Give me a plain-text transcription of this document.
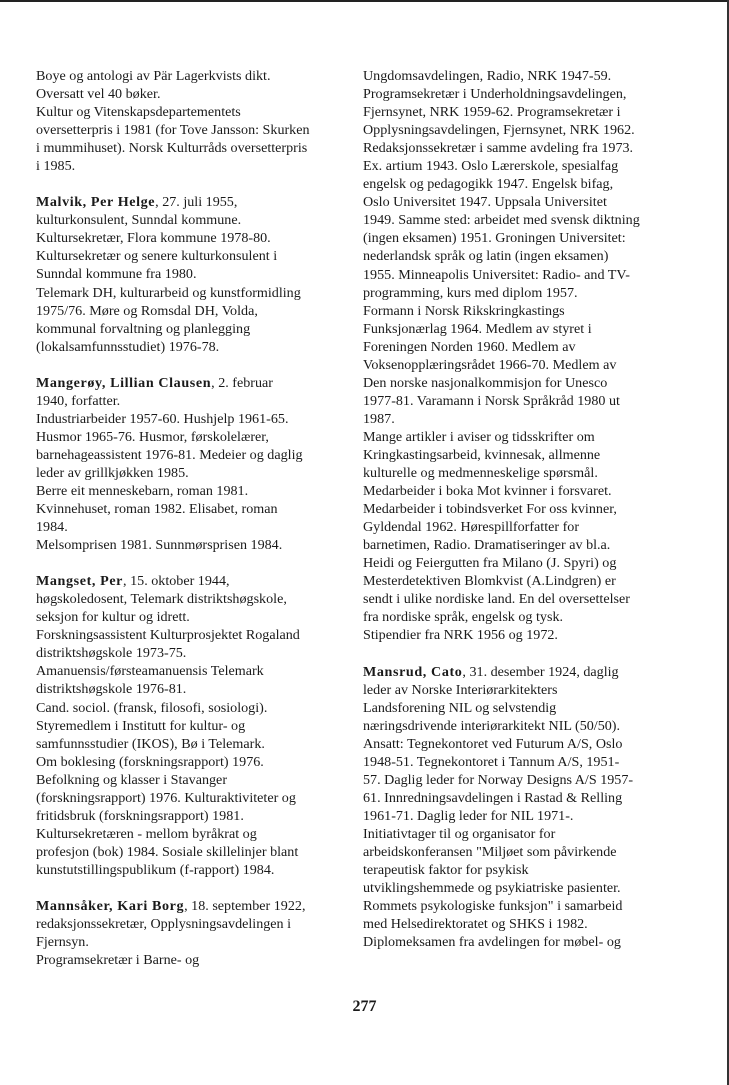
Boye og antologi av Pär Lagerkvists dikt.
Oversatt vel 40 bøker.
Kultur og Vitenskapsdepartementets
oversetterpris i 1981 (for Tove Jansson: Skurken
i mummihuset). Norsk Kulturråds oversetterpris
i 1985.
Malvik, Per Helge, 27. juli 1955,
kulturkonsulent, Sunndal kommune.
Kultursekretær, Flora kommune 1978-80.
Kultursekretær og senere kulturkonsulent i
Sunndal kommune fra 1980.
Telemark DH, kulturarbeid og kunstformidling
1975/76. Møre og Romsdal DH, Volda,
kommunal forvaltning og planlegging
(lokalsamfunnsstudiet) 1976-78.
Mangerøy, Lillian Clausen, 2. februar
1940, forfatter.
Industriarbeider 1957-60. Hushjelp 1961-65.
Husmor 1965-76. Husmor, førskolelærer,
barnehageassistent 1976-81. Medeier og daglig
leder av grillkjøkken 1985.
Berre eit menneskebarn, roman 1981.
Kvinnehuset, roman 1982. Elisabet, roman
1984.
Melsomprisen 1981. Sunnmørsprisen 1984.
Mangset, Per, 15. oktober 1944,
høgskoledosent, Telemark distriktshøgskole,
seksjon for kultur og idrett.
Forskningsassistent Kulturprosjektet Rogaland
distriktshøgskole 1973-75.
Amanuensis/førsteamanuensis Telemark
distriktshøgskole 1976-81.
Cand. sociol. (fransk, filosofi, sosiologi).
Styremedlem i Institutt for kultur- og
samfunnsstudier (IKOS), Bø i Telemark.
Om boklesing (forskningsrapport) 1976.
Befolkning og klasser i Stavanger
(forskningsrapport) 1976. Kulturaktiviteter og
fritidsbruk (forskningsrapport) 1981.
Kultursekretæren - mellom byråkrat og
profesjon (bok) 1984. Sosiale skillelinjer blant
kunstutstillingspublikum (f-rapport) 1984.
Mannsåker, Kari Borg, 18. september 1922,
redaksjonssekretær, Opplysningsavdelingen i
Fjernsyn.
Programsekretær i Barne- og
Ungdomsavdelingen, Radio, NRK 1947-59.
Programsekretær i Underholdningsavdelingen,
Fjernsynet, NRK 1959-62. Programsekretær i
Opplysningsavdelingen, Fjernsynet, NRK 1962.
Redaksjonssekretær i samme avdeling fra 1973.
Ex. artium 1943. Oslo Lærerskole, spesialfag
engelsk og pedagogikk 1947. Engelsk bifag,
Oslo Universitet 1947. Uppsala Universitet
1949. Samme sted: arbeidet med svensk diktning
(ingen eksamen) 1951. Groningen Universitet:
nederlandsk språk og latin (ingen eksamen)
1955. Minneapolis Universitet: Radio- and TV-
programming, kurs med diplom 1957.
Formann i Norsk Rikskringkastings
Funksjonærlag 1964. Medlem av styret i
Foreningen Norden 1960. Medlem av
Voksenopplæringsrådet 1966-70. Medlem av
Den norske nasjonalkommisjon for Unesco
1977-81. Varamann i Norsk Språkråd 1980 ut
1987.
Mange artikler i aviser og tidsskrifter om
Kringkastingsarbeid, kvinnesak, allmenne
kulturelle og medmenneskelige spørsmål.
Medarbeider i boka Mot kvinner i forsvaret.
Medarbeider i tobindsverket For oss kvinner,
Gyldendal 1962. Hørespillforfatter for
barnetimen, Radio. Dramatiseringer av bl.a.
Heidi og Feiergutten fra Milano (J. Spyri) og
Mesterdetektiven Blomkvist (A.Lindgren) er
sendt i ulike nordiske land. En del oversettelser
fra nordiske språk, engelsk og tysk.
Stipendier fra NRK 1956 og 1972.
Mansrud, Cato, 31. desember 1924, daglig
leder av Norske Interiørarkitekters
Landsforening NIL og selvstendig
næringsdrivende interiørarkitekt NIL (50/50).
Ansatt: Tegnekontoret ved Futurum A/S, Oslo
1948-51. Tegnekontoret i Tannum A/S, 1951-
57. Daglig leder for Norway Designs A/S 1957-
61. Innredningsavdelingen i Rastad & Relling
1961-71. Daglig leder for NIL 1971-.
Initiativtager til og organisator for
arbeidskonferansen "Miljøet som påvirkende
terapeutisk faktor for psykisk
utviklingshemmede og psykiatriske pasienter.
Rommets psykologiske funksjon" i samarbeid
med Helsedirektoratet og SHKS i 1982.
Diplomeksamen fra avdelingen for møbel- og
277
